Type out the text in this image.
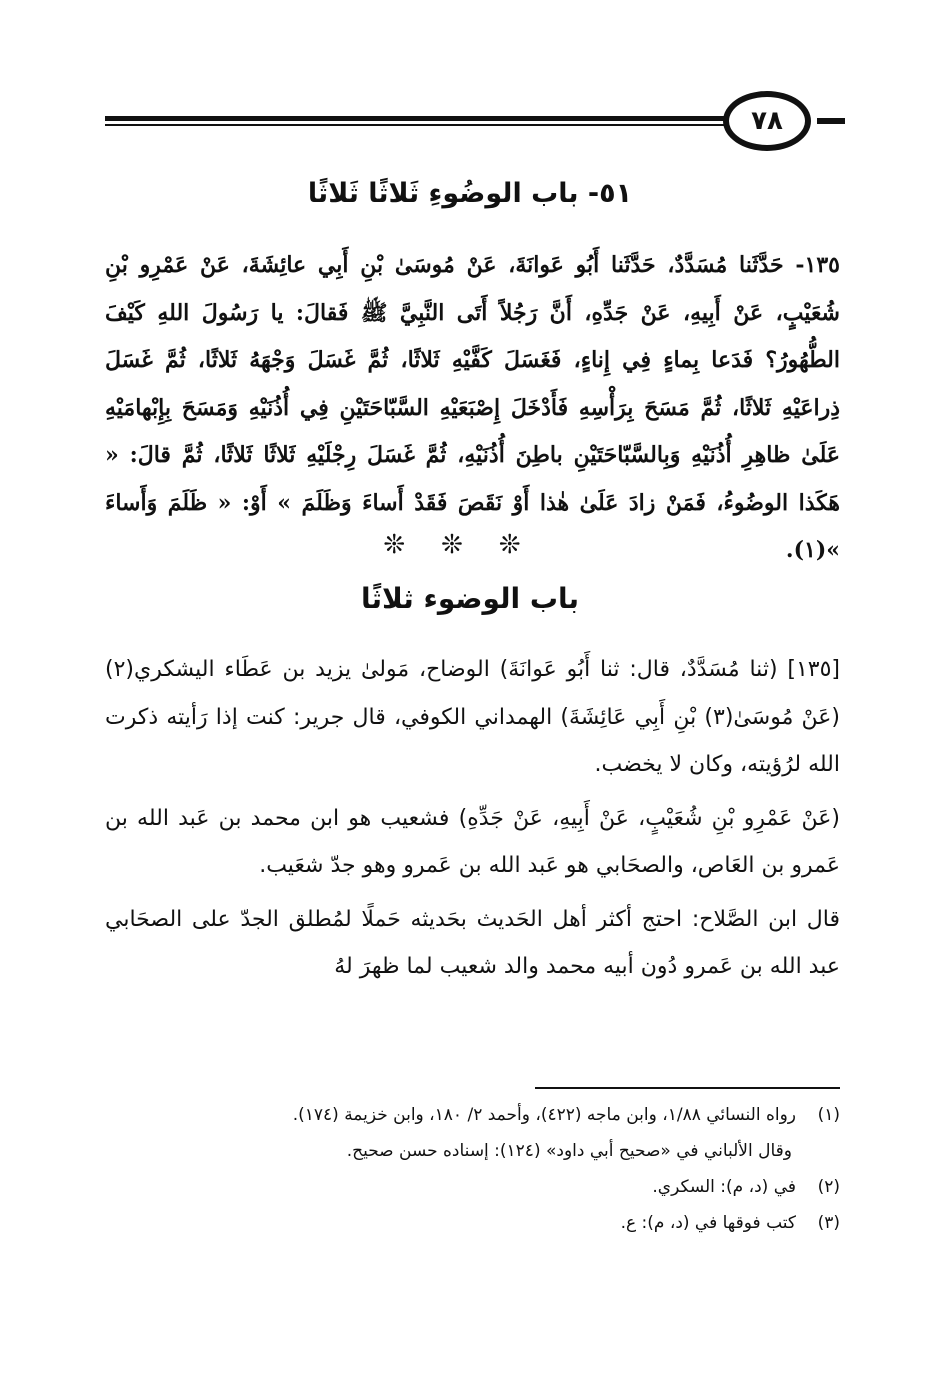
٧٨
٥١- باب الوضُوءِ ثَلاثًا ثَلاثًا
١٣٥- حَدَّثَنا مُسَدَّدٌ، حَدَّثَنا أَبُو عَوانَةَ، عَنْ مُوسَىٰ بْنِ أَبِي عائِشَةَ، عَنْ عَمْرِو بْنِ شُعَيْبٍ، عَنْ أَبِيهِ، عَنْ جَدِّهِ، أَنَّ رَجُلاً أَتَى النَّبِيَّ ﷺ فَقالَ: يا رَسُولَ اللهِ كَيْفَ الطُّهُورُ؟ فَدَعا بِماءٍ فِي إِناءٍ، فَغَسَلَ كَفَّيْهِ ثَلاثًا، ثُمَّ غَسَلَ وَجْهَهُ ثَلاثًا، ثُمَّ غَسَلَ ذِراعَيْهِ ثَلاثًا، ثُمَّ مَسَحَ بِرَأْسِهِ فَأَدْخَلَ إِصْبَعَيْهِ السَّبّاحَتَيْنِ فِي أُذُنَيْهِ وَمَسَحَ بِإِبْهامَيْهِ عَلَىٰ ظاهِرِ أُذُنَيْهِ وَبِالسَّبّاحَتَيْنِ باطِنَ أُذُنَيْهِ، ثُمَّ غَسَلَ رِجْلَيْهِ ثَلاثًا ثَلاثًا، ثُمَّ قالَ: « هَكَذا الوضُوءُ، فَمَنْ زادَ عَلَىٰ هٰذا أَوْ نَقَصَ فَقَدْ أَساءَ وَظَلَمَ » أَوْ: « ظَلَمَ وَأَساءَ »(١).
❊❊❊
باب الوضوء ثلاثًا

[١٣٥] (ثنا مُسَدَّدٌ، قال: ثنا أَبُو عَوانَةَ) الوضاح، مَولىٰ يزيد بن عَطَاء اليشكري(٢) (عَنْ مُوسَىٰ(٣) بْنِ أَبِي عَائِشَةَ) الهمداني الكوفي، قال جرير: كنت إذا رَأيته ذكرت الله لرُؤيته، وكان لا يخضب.

(عَنْ عَمْرِو بْنِ شُعَيْبٍ، عَنْ أَبِيهِ، عَنْ جَدِّهِ) فشعيب هو ابن محمد بن عَبد الله بن عَمرو بن العَاص، والصحَابي هو عَبد الله بن عَمرو وهو جدّ شعَيب.

قال ابن الصَّلاح: احتج أكثر أهل الحَديث بحَديثه حَملًا لمُطلق الجدّ على الصحَابي عبد الله بن عَمرو دُون أبيه محمد والد شعيب لما ظهرَ لهُ

(١)رواه النسائي ١/٨٨، وابن ماجه (٤٢٢)، وأحمد ٢/ ١٨٠، وابن خزيمة (١٧٤).

وقال الألباني في «صحيح أبي داود» (١٢٤): إسناده حسن صحيح.

(٢)في (د، م): السكري.

(٣)كتب فوقها في (د، م): ع.
